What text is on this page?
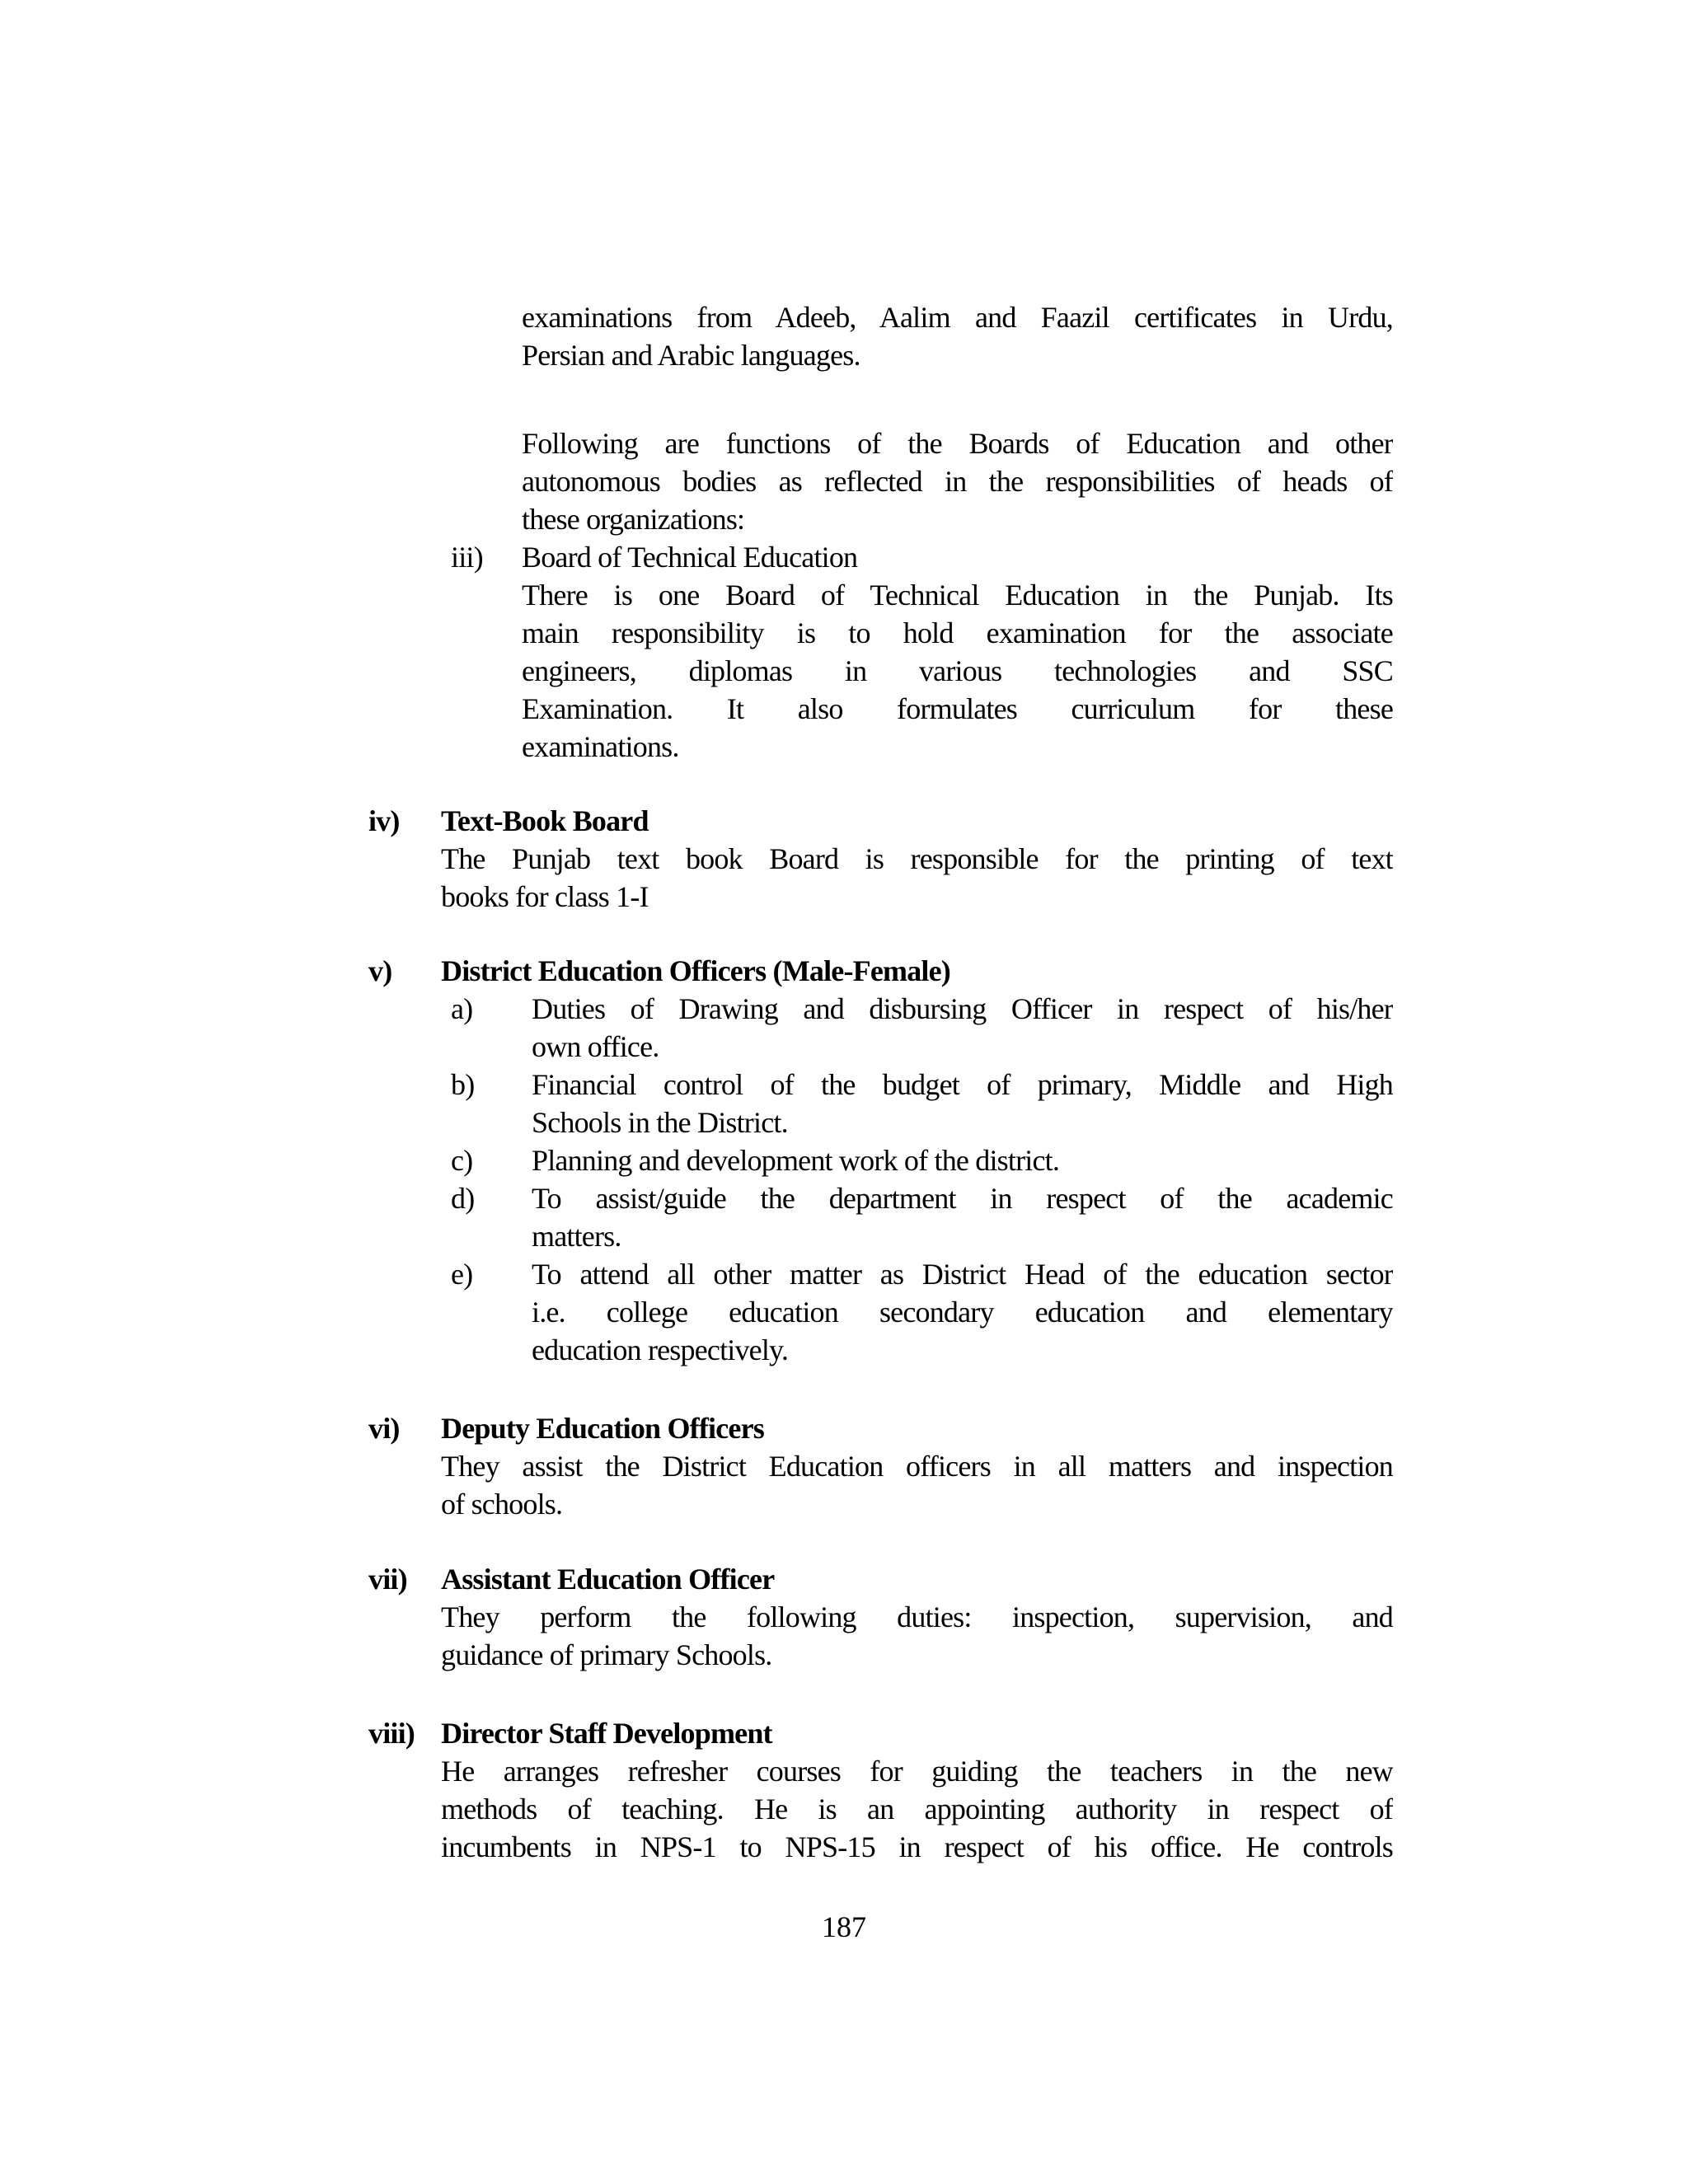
examinations from Adeeb, Aalim and Faazil certificates in Urdu,
Persian and Arabic languages.
Following are functions of the Boards of Education and other
autonomous bodies as reflected in the responsibilities of heads of
these organizations:
iii)	Board of Technical Education
There is one Board of Technical Education in the Punjab. Its
main responsibility is to hold examination for the associate
engineers, diplomas in various technologies and SSC
Examination. It also formulates curriculum for these
examinations.
iv)	Text-Book Board
The Punjab text book Board is responsible for the printing of text
books for class 1-I
v)	District Education Officers (Male-Female)
a)	Duties of Drawing and disbursing Officer in respect of his/her
own office.
b)	Financial control of the budget of primary, Middle and High
Schools in the District.
c)	Planning and development work of the district.
d)	To assist/guide the department in respect of the academic
matters.
e)	To attend all other matter as District Head of the education sector
i.e. college education secondary education and elementary
education respectively.
vi)	Deputy Education Officers
They assist the District Education officers in all matters and inspection
of schools.
vii)	Assistant Education Officer
They perform the following duties: inspection, supervision, and
guidance of primary Schools.
viii) Director Staff Development
He arranges refresher courses for guiding the teachers in the new
methods of teaching. He is an appointing authority in respect of
incumbents in NPS-1 to NPS-15 in respect of his office. He controls
187
